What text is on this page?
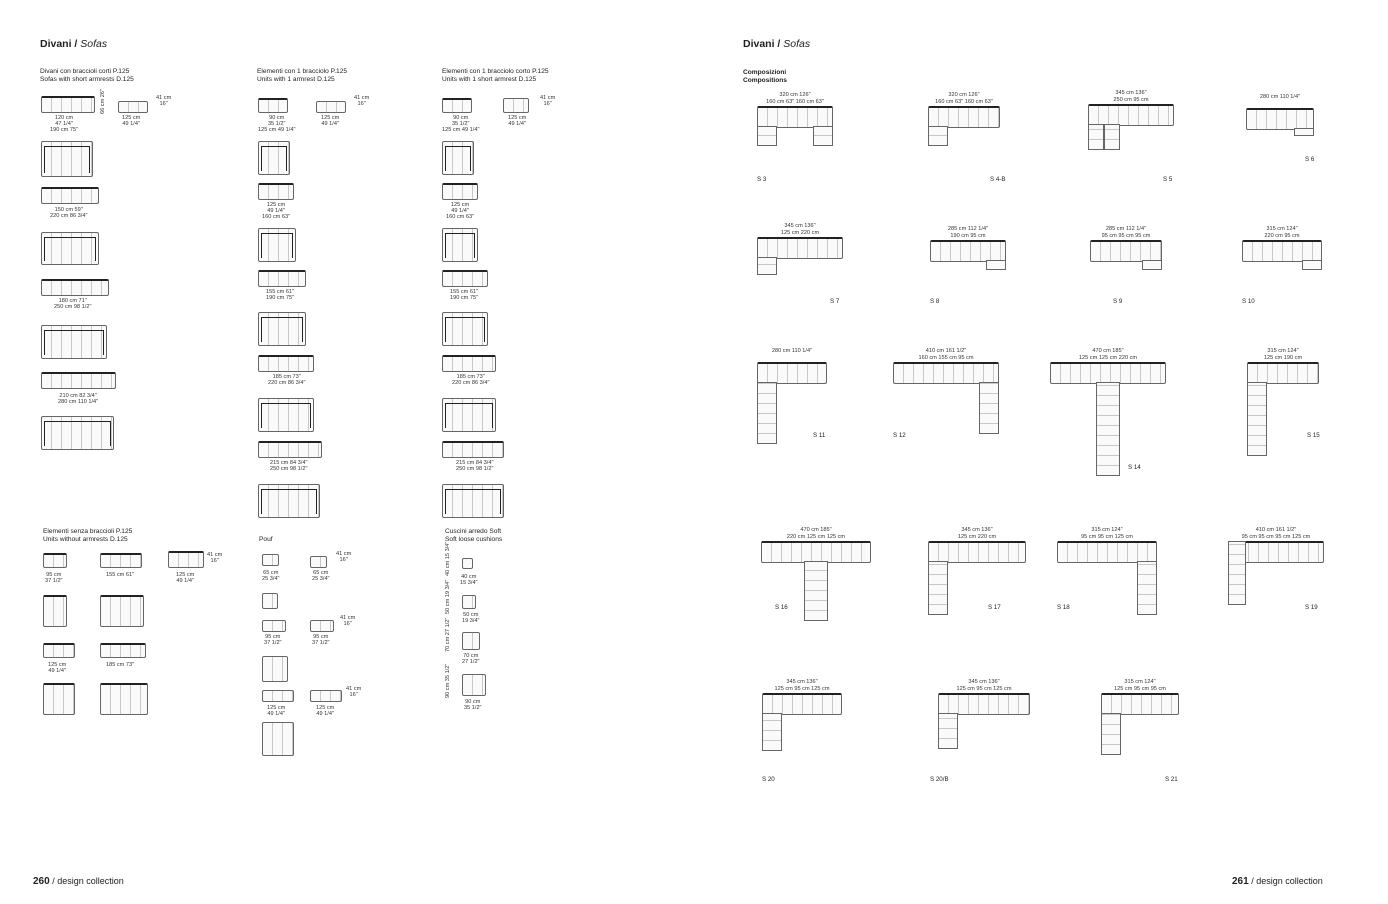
Divani / Sofas
Divani con braccioli corti P.125
Sofas with short armrests D.125
120 cm
47 1/4"
190 cm 75"
66 cm 26"
41 cm
16"
125 cm
49 1/4"
150 cm 59"
220 cm 86 3/4"
180 cm 71"
250 cm 98 1/2"
210 cm 82 3/4"
280 cm 110 1/4"
Elementi con 1 bracciolo P.125
Units with 1 armrest D.125
90 cm
35 1/2"
125 cm 49 1/4"
125 cm
49 1/4"
41 cm
16"
125 cm
49 1/4"
160 cm 63"
155 cm 61"
190 cm 75"
185 cm 73"
220 cm 86 3/4"
215 cm 84 3/4"
250 cm 98 1/2"
Elementi con 1 bracciolo corto P.125
Units with 1 short armrest D.125
90 cm
35 1/2"
125 cm 49 1/4"
125 cm
49 1/4"
41 cm
16"
125 cm
49 1/4"
160 cm 63"
155 cm 61"
190 cm 75"
185 cm 73"
220 cm 86 3/4"
215 cm 84 3/4"
250 cm 98 1/2"
Elementi senza braccioli P.125
Units without armrests D.125
95 cm
37 1/2"
155 cm 61"	125 cm
49 1/4"
41 cm
16"
125 cm
49 1/4"
185 cm 73"
Pouf
65 cm
25 3/4"
65 cm
25 3/4"
41 cm
16"
95 cm
37 1/2"
95 cm
37 1/2"
41 cm
16"
125 cm
49 1/4"
125 cm
49 1/4"
41 cm
16"
Cuscini arredo Soft
Soft loose cushions
40 cm
15 3/4"
40 cm 15 3/4"
50 cm
19 3/4"
50 cm 19 3/4"
70 cm
27 1/2"
70 cm 27 1/2"
90 cm
35 1/2"
90 cm 35 1/2"
260 / design collection
Divani / Sofas
Composizioni
Compositions
320 cm 126"
160 cm 63" 160 cm 63"
S 3
320 cm 126"
160 cm 63" 160 cm 63"
S 4-B
345 cm 136"
250 cm 95 cm
S 5
280 cm 110 1/4"
S 6
345 cm 136"
125 cm 220 cm
S 7
285 cm 112 1/4"
190 cm 95 cm
S 8
285 cm 112 1/4"
95 cm 95 cm 95 cm
S 9
315 cm 124"
220 cm 95 cm
S 10
280 cm 110 1/4"
S 11
410 cm 161 1/2"
160 cm 155 cm 95 cm
S 12
470 cm 185"
125 cm 125 cm 220 cm
S 14
315 cm 124"
125 cm 190 cm
S 15
470 cm 185"
220 cm 125 cm 125 cm
S 16
345 cm 136"
125 cm 220 cm
S 17
315 cm 124"
95 cm 95 cm 125 cm
S 18
410 cm 161 1/2"
95 cm 95 cm 95 cm 125 cm
S 19
345 cm 136"
125 cm 95 cm 125 cm
S 20
345 cm 136"
125 cm 95 cm 125 cm
S 20/B
315 cm 124"
125 cm 95 cm 95 cm
S 21
261 / design collection
